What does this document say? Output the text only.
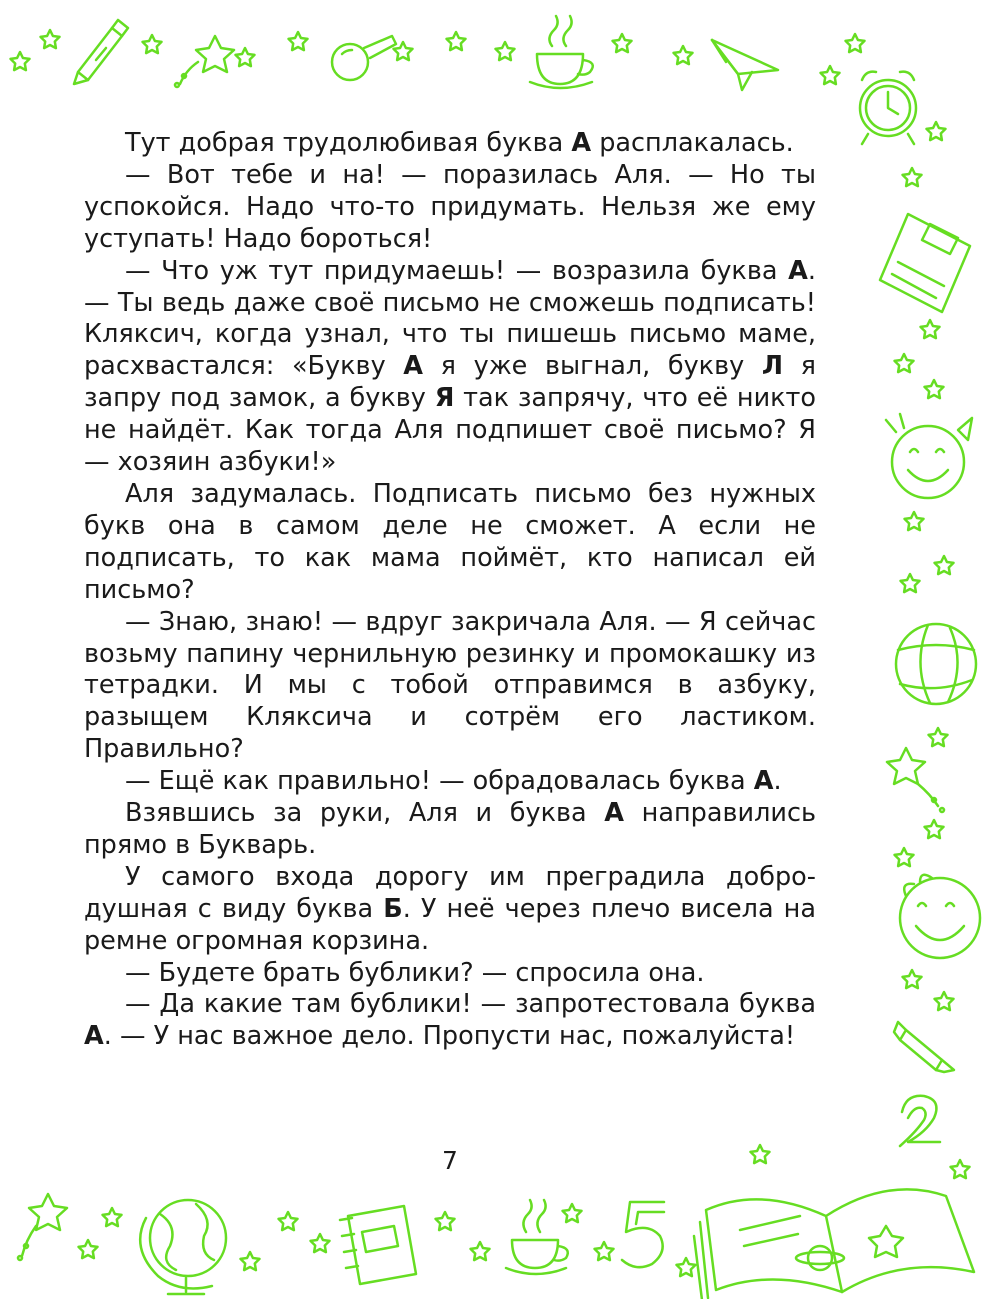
Тут добрая трудолюбивая буква А расплакалась.

— Вот тебе и на! — поразилась Аля. — Но ты успокойся. Надо что-то придумать. Нельзя же ему уступать! Надо бороться!

— Что уж тут придумаешь! — возразила буква А. — Ты ведь даже своё письмо не сможешь подписать! Кляксич, когда узнал, что ты пишешь письмо маме, расхвастался: «Букву А я уже выгнал, букву Л я запру под замок, а букву Я так запрячу, что её никто не найдёт. Как тогда Аля подпишет своё письмо? Я — хозяин азбуки!»

Аля задумалась. Подписать письмо без нужных букв она в самом деле не сможет. А если не подписать, то как мама поймёт, кто написал ей письмо?

— Знаю, знаю! — вдруг закричала Аля. — Я сейчас возьму папину чернильную резинку и промокашку из тетрадки. И мы с тобой отправимся в азбуку, разыщем Кляксича и сотрём его ластиком. Правильно?

— Ещё как правильно! — обрадовалась буква А.

Взявшись за руки, Аля и буква А направились прямо в Букварь.

У самого входа дорогу им преградила добродушная с виду буква Б. У неё через плечо висела на ремне огромная корзина.

— Будете брать бублики? — спросила она.

— Да какие там бублики! — запротестовала буква А. — У нас важное дело. Пропусти нас, пожалуйста!

7
